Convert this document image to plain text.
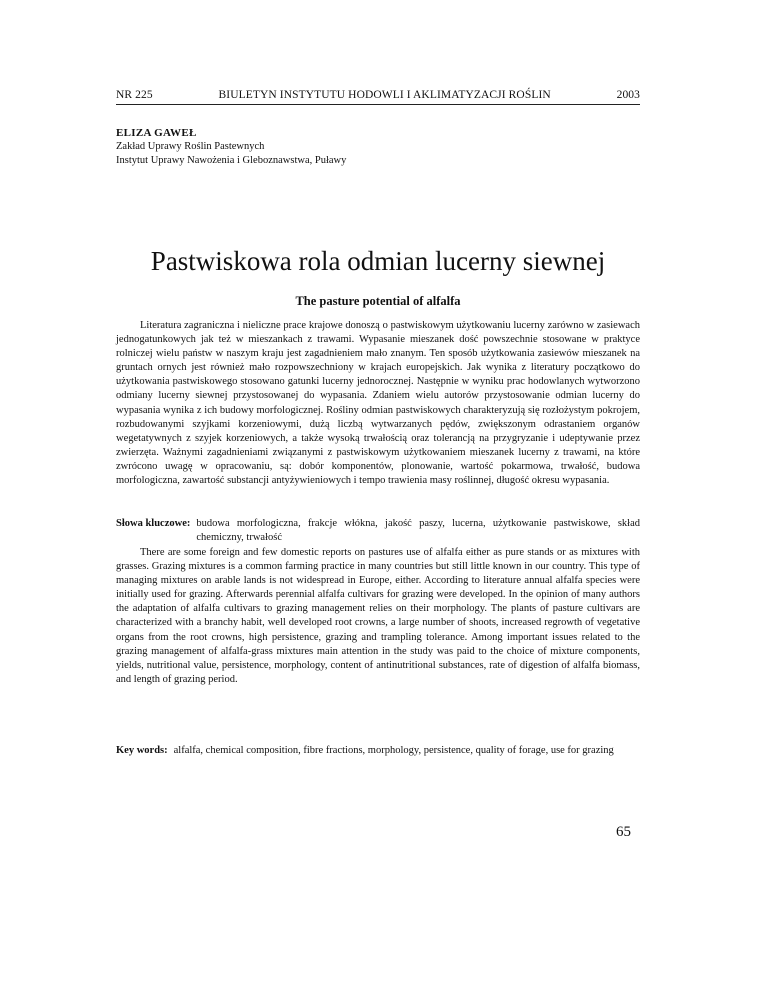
NR 225	BIULETYN INSTYTUTU HODOWLI I AKLIMATYZACJI ROŚLIN	2003
ELIZA GAWEŁ
Zakład Uprawy Roślin Pastewnych
Instytut Uprawy Nawożenia i Gleboznawstwa, Puławy
Pastwiskowa rola odmian lucerny siewnej
The pasture potential of alfalfa

Literatura zagraniczna i nieliczne prace krajowe donoszą o pastwiskowym użytkowaniu lucerny zarówno w zasiewach jednogatunkowych jak też w mieszankach z trawami. Wypasanie mieszanek dość powszechnie stosowane w praktyce rolniczej wielu państw w naszym kraju jest zagadnieniem mało znanym. Ten sposób użytkowania zasiewów mieszanek na gruntach ornych jest również mało rozpowszechniony w krajach europejskich. Jak wynika z literatury początkowo do użytkowania pastwiskowego stosowano gatunki lucerny jednorocznej. Następnie w wyniku prac hodowlanych wytworzono odmiany lucerny siewnej przystosowanej do wypasania. Zdaniem wielu autorów przystosowanie odmian lucerny do wypasania wynika z ich budowy morfologicznej. Rośliny odmian pastwiskowych charakteryzują się rozłożystym pokrojem, rozbudowanymi szyjkami korzeniowymi, dużą liczbą wytwarzanych pędów, zwiększonym odrastaniem organów wegetatywnych z szyjek korzeniowych, a także wysoką trwałością oraz tolerancją na przygryzanie i udeptywanie przez zwierzęta. Ważnymi zagadnieniami związanymi z pastwiskowym użytkowaniem mieszanek lucerny z trawami, na które zwrócono uwagę w opracowaniu, są: dobór komponentów, plonowanie, wartość pokarmowa, trwałość, budowa morfologiczna, zawartość substancji antyżywieniowych i tempo trawienia masy roślinnej, długość okresu wypasania.

Słowa kluczowe: budowa morfologiczna, frakcje włókna, jakość paszy, lucerna, użytkowanie pastwiskowe, skład chemiczny, trwałość

There are some foreign and few domestic reports on pastures use of alfalfa either as pure stands or as mixtures with grasses. Grazing mixtures is a common farming practice in many countries but still little known in our country. This type of managing mixtures on arable lands is not widespread in Europe, either. According to literature annual alfalfa species were initially used for grazing. Afterwards perennial alfalfa cultivars for grazing were developed. In the opinion of many authors the adaptation of alfalfa cultivars to grazing management relies on their morphology. The plants of pasture cultivars are characterized with a branchy habit, well developed root crowns, a large number of shoots, increased regrowth of vegetative organs from the root crowns, high persistence, grazing and trampling tolerance. Among important issues related to the grazing management of alfalfa-grass mixtures main attention in the study was paid to the choice of mixture components, yields, nutritional value, persistence, morphology, content of antinutritional substances, rate of digestion of alfalfa biomass, and length of grazing period.

Key words: alfalfa, chemical composition, fibre fractions, morphology, persistence, quality of forage, use for grazing
65
